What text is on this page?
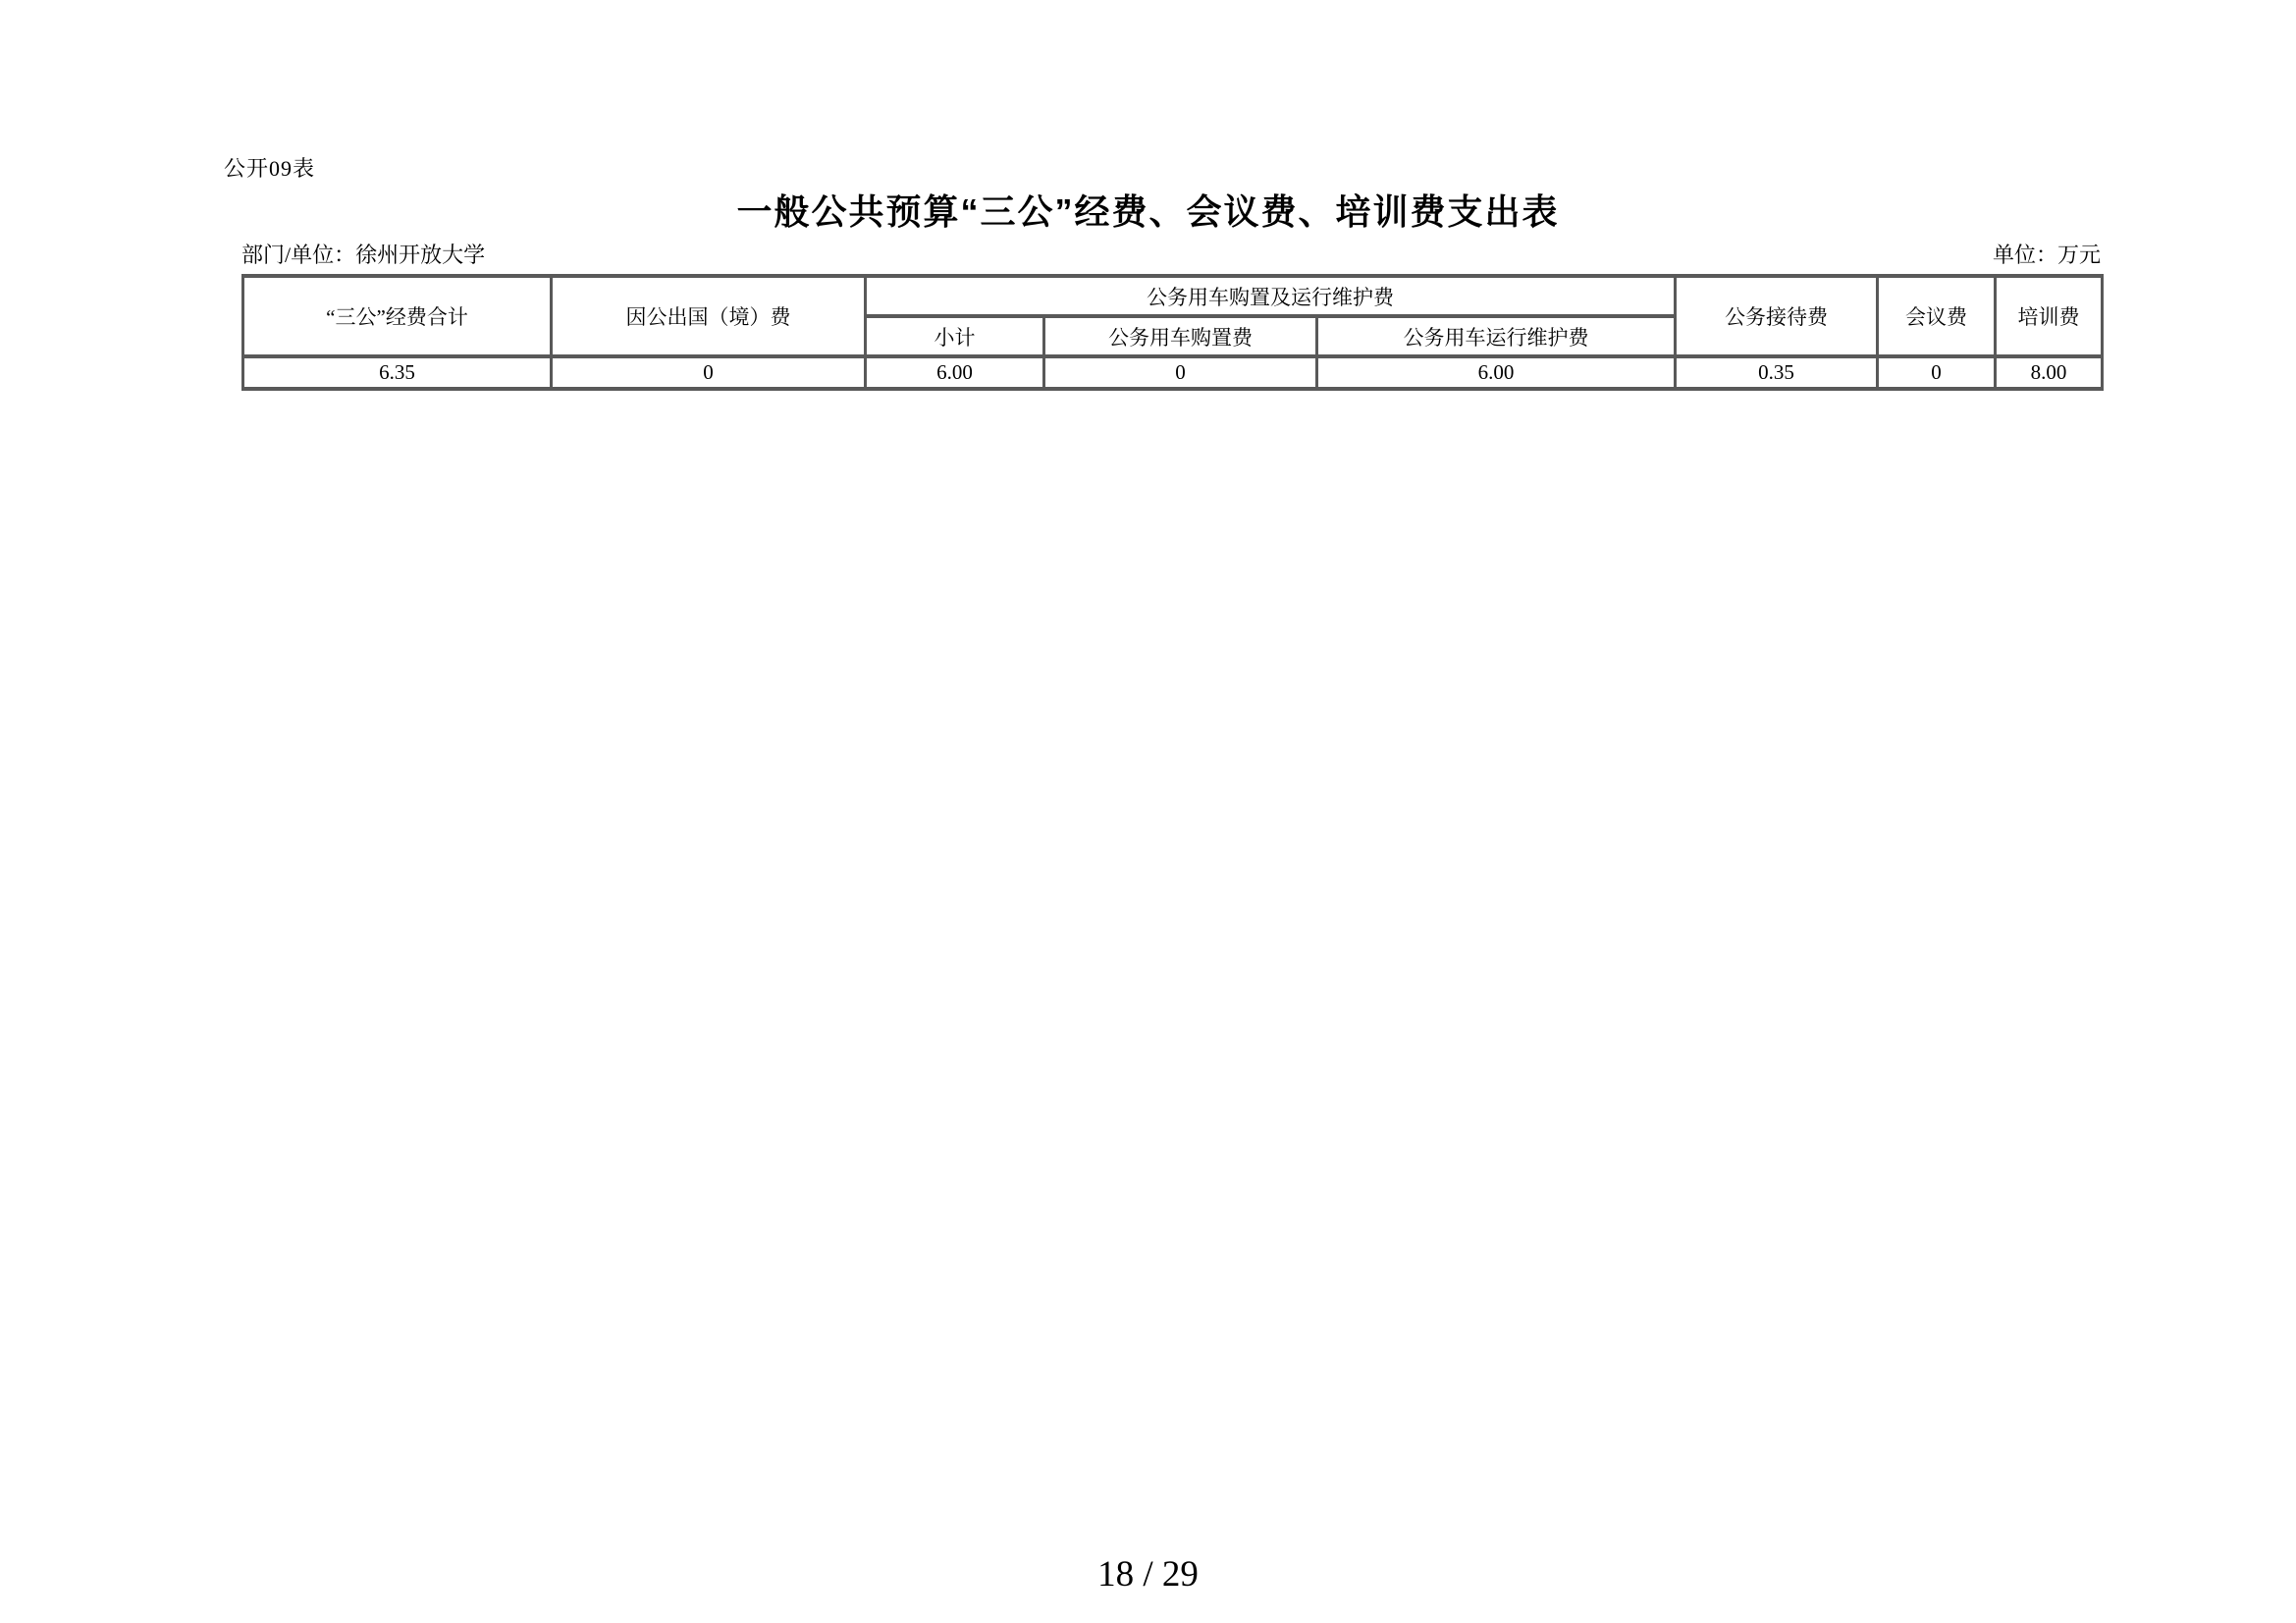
公开09表
一般公共预算“三公”经费、会议费、培训费支出表
部门/单位：徐州开放大学	单位：万元
“三公”经费合计	因公出国（境）费	公务用车购置及运行维护费			公务接待费	会议费	培训费
		小计	公务用车购置费	公务用车运行维护费			
6.35	0	6.00	0	6.00	0.35	0	8.00
18 / 29
